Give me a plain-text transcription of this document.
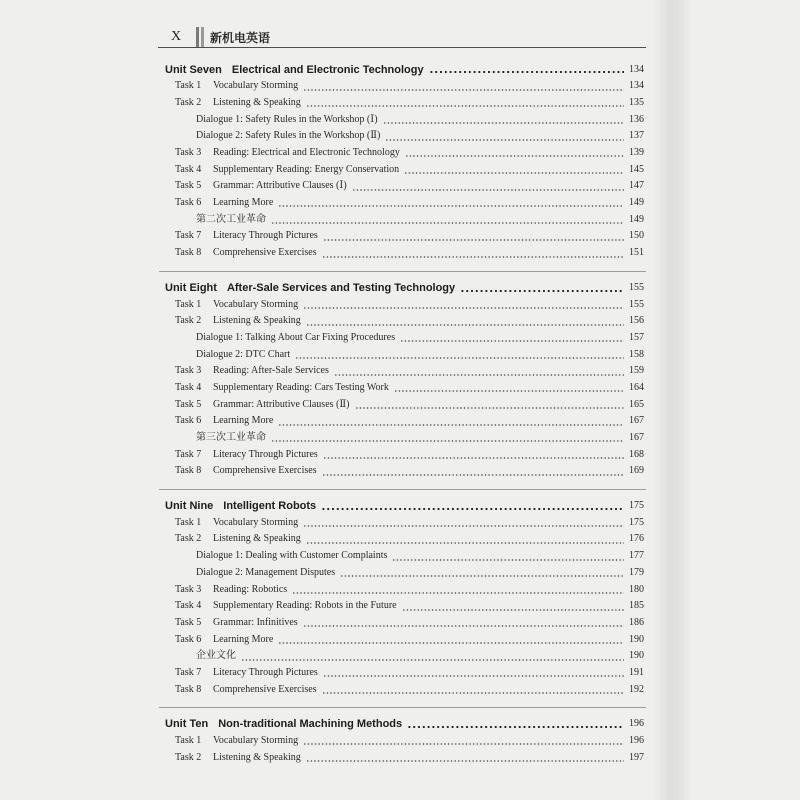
X 新机电英语
Unit Seven Electrical and Electronic Technology	134
Task 1	Vocabulary Storming	134
Task 2	Listening & Speaking	135
Dialogue 1: Safety Rules in the Workshop (Ⅰ)	136
Dialogue 2: Safety Rules in the Workshop (Ⅱ)	137
Task 3	Reading: Electrical and Electronic Technology	139
Task 4	Supplementary Reading: Energy Conservation	145
Task 5	Grammar: Attributive Clauses (Ⅰ)	147
Task 6	Learning More	149
第二次工业革命	149
Task 7	Literacy Through Pictures	150
Task 8	Comprehensive Exercises	151
Unit Eight After-Sale Services and Testing Technology	155
Task 1	Vocabulary Storming	155
Task 2	Listening & Speaking	156
Dialogue 1: Talking About Car Fixing Procedures	157
Dialogue 2: DTC Chart	158
Task 3	Reading: After-Sale Services	159
Task 4	Supplementary Reading: Cars Testing Work	164
Task 5	Grammar: Attributive Clauses (Ⅱ)	165
Task 6	Learning More	167
第三次工业革命	167
Task 7	Literacy Through Pictures	168
Task 8	Comprehensive Exercises	169
Unit Nine Intelligent Robots	175
Task 1	Vocabulary Storming	175
Task 2	Listening & Speaking	176
Dialogue 1: Dealing with Customer Complaints	177
Dialogue 2: Management Disputes	179
Task 3	Reading: Robotics	180
Task 4	Supplementary Reading: Robots in the Future	185
Task 5	Grammar: Infinitives	186
Task 6	Learning More	190
企业文化	190
Task 7	Literacy Through Pictures	191
Task 8	Comprehensive Exercises	192
Unit Ten Non-traditional Machining Methods	196
Task 1	Vocabulary Storming	196
Task 2	Listening & Speaking	197
